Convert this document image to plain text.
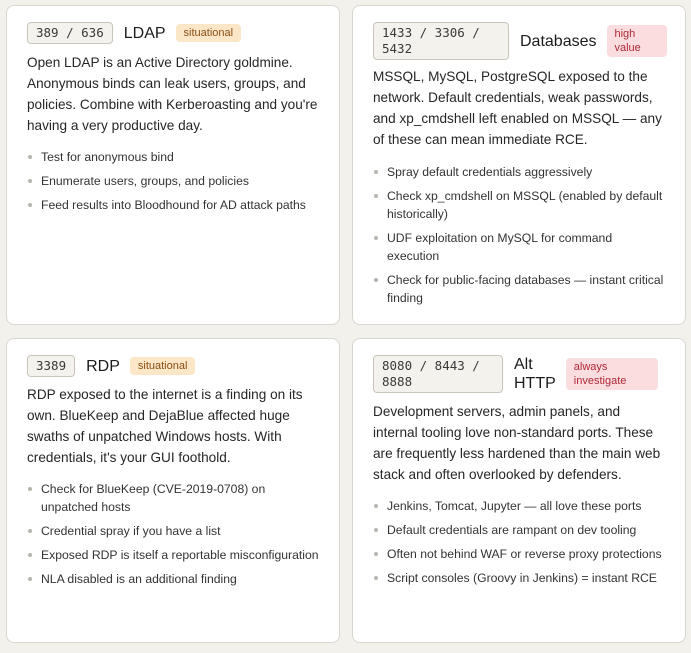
389 / 636	LDAP	situational

Open LDAP is an Active Directory goldmine. Anonymous binds can leak users, groups, and policies. Combine with Kerberoasting and you're having a very productive day.

Test for anonymous bind
Enumerate users, groups, and policies
Feed results into Bloodhound for AD attack paths
1433 / 3306 /
5432	Databases	high
value

MSSQL, MySQL, PostgreSQL exposed to the network. Default credentials, weak passwords, and xp_cmdshell left enabled on MSSQL — any of these can mean immediate RCE.

Spray default credentials aggressively
Check xp_cmdshell on MSSQL (enabled by default historically)
UDF exploitation on MySQL for command execution
Check for public-facing databases — instant critical finding
3389	RDP	situational

RDP exposed to the internet is a finding on its own. BlueKeep and DejaBlue affected huge swaths of unpatched Windows hosts. With credentials, it's your GUI foothold.

Check for BlueKeep (CVE-2019-0708) on unpatched hosts
Credential spray if you have a list
Exposed RDP is itself a reportable misconfiguration
NLA disabled is an additional finding
8080 / 8443 /
8888
Alt
HTTP
always
investigate

Development servers, admin panels, and internal tooling love non-standard ports. These are frequently less hardened than the main web stack and often overlooked by defenders.

Jenkins, Tomcat, Jupyter — all love these ports
Default credentials are rampant on dev tooling
Often not behind WAF or reverse proxy protections
Script consoles (Groovy in Jenkins) = instant RCE
